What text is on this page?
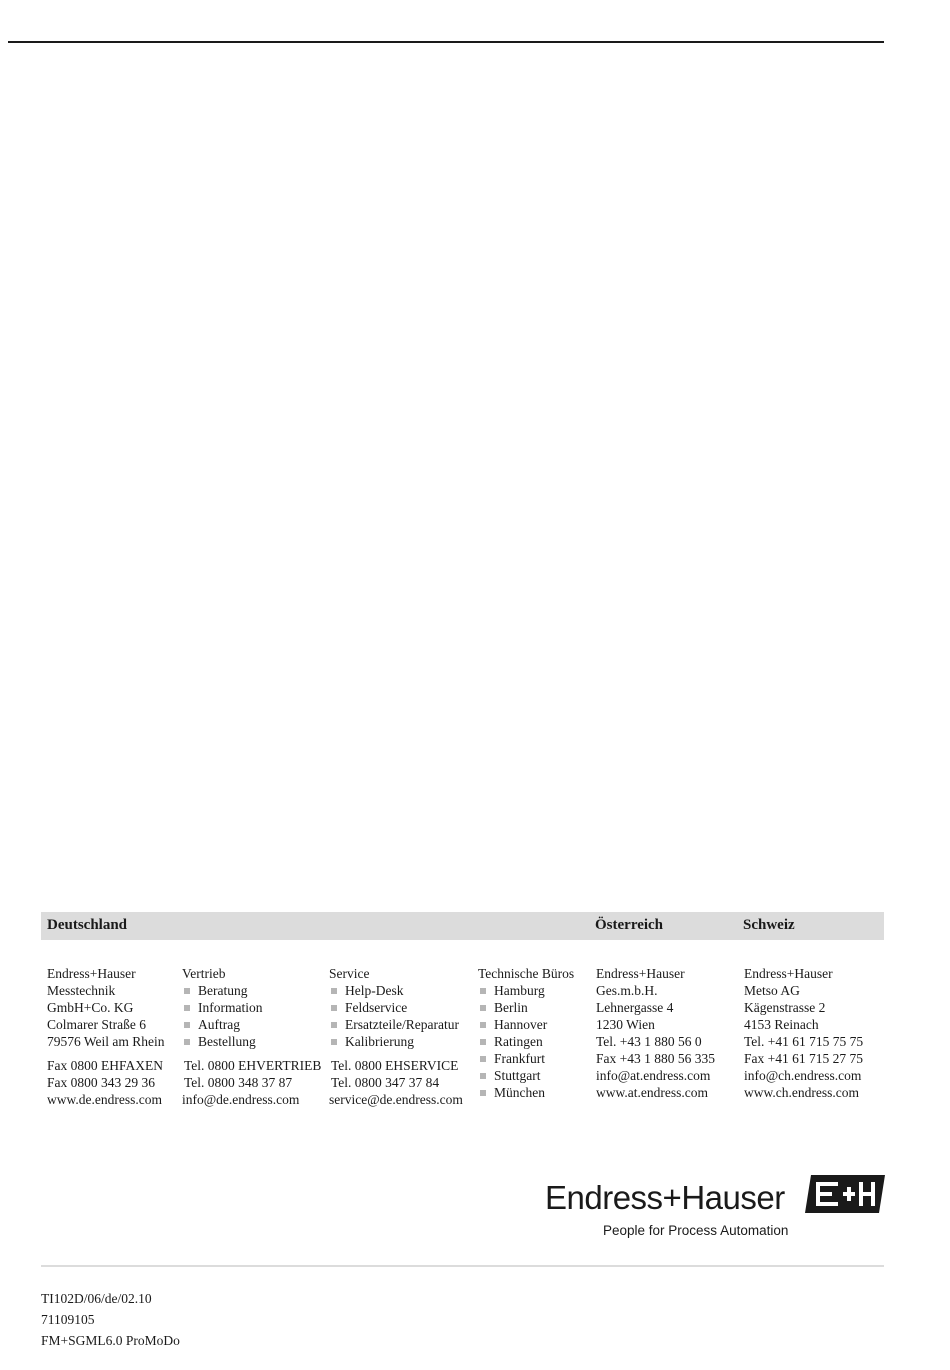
Deutschland	Österreich	Schweiz
Endress+Hauser
Messtechnik
GmbH+Co. KG
Colmarer Straße 6
79576 Weil am Rhein
Fax 0800 EHFAXEN
Fax 0800 343 29 36
www.de.endress.com
Vertrieb
Beratung
Information
Auftrag
Bestellung
Tel. 0800 EHVERTRIEB
Tel. 0800 348 37 87
info@de.endress.com
Service
Help-Desk
Feldservice
Ersatzteile/Reparatur
Kalibrierung
Tel. 0800 EHSERVICE
Tel. 0800 347 37 84
service@de.endress.com
Technische Büros
Hamburg
Berlin
Hannover
Ratingen
Frankfurt
Stuttgart
München
Endress+Hauser
Ges.m.b.H.
Lehnergasse 4
1230 Wien
Tel. +43 1 880 56 0
Fax +43 1 880 56 335
info@at.endress.com
www.at.endress.com
Endress+Hauser
Metso AG
Kägenstrasse 2
4153 Reinach
Tel. +41 61 715 75 75
Fax +41 61 715 27 75
info@ch.endress.com
www.ch.endress.com
Endress+Hauser
People for Process Automation
TI102D/06/de/02.10
71109105
FM+SGML6.0 ProMoDo
